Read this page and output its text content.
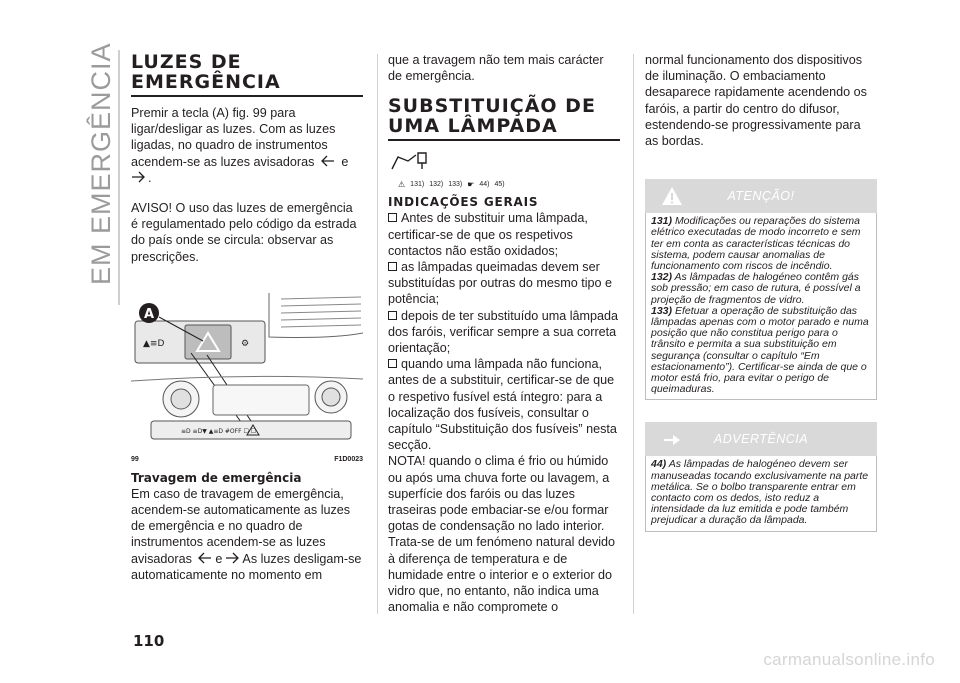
EM EMERGÊNCIA LUZES DE EMERGÊNCIA

Premir a tecla (A) fig. 99 para ligar/desligar as luzes. Com as luzes ligadas, no quadro de instrumentos acendem-se as luzes avisadoras e
.

AVISO! O uso das luzes de emergência é regulamentado pelo código da estrada do país onde se circula: observar as prescrições.

▲≡D	⚙
A
≡D ≡D▼ ▲≡D #OFF ☐ ☐
99	F1D0023
Travagem de emergência

Em caso de travagem de emergência, acendem-se automaticamente as luzes de emergência e no quadro de instrumentos acendem-se as luzes avisadoras e As luzes desligam-se automaticamente no momento em

que a travagem não tem mais carácter de emergência.

SUBSTITUIÇÃO DE UMA LÂMPADA
⚠ 131) 132) 133) ☛ 44) 45)
INDICAÇÕES GERAIS

Antes de substituir uma lâmpada, certificar-se de que os respetivos contactos não estão oxidados;

as lâmpadas queimadas devem ser substituídas por outras do mesmo tipo e potência;

depois de ter substituído uma lâmpada dos faróis, verificar sempre a sua correta orientação;

quando uma lâmpada não funciona, antes de a substituir, certificar-se de que o respetivo fusível está íntegro: para a localização dos fusíveis, consultar o capítulo “Substituição dos fusíveis” nesta secção.

NOTA! quando o clima é frio ou húmido ou após uma chuva forte ou lavagem, a superfície dos faróis ou das luzes traseiras pode embaciar-se e/ou formar gotas de condensação no lado interior. Trata-se de um fenómeno natural devido à diferença de temperatura e de humidade entre o interior e o exterior do vidro que, no entanto, não indica uma anomalia e não compromete o

normal funcionamento dos dispositivos de iluminação. O embaciamento desaparece rapidamente acendendo os faróis, a partir do centro do difusor, estendendo-se progressivamente para as bordas.

ATENÇÃO!

131) Modificações ou reparações do sistema elétrico executadas de modo incorreto e sem ter em conta as características técnicas do sistema, podem causar anomalias de funcionamento com riscos de incêndio.

132) As lâmpadas de halogéneo contêm gás sob pressão; em caso de rutura, é possível a projeção de fragmentos de vidro.

133) Efetuar a operação de substituição das lâmpadas apenas com o motor parado e numa posição que não constitua perigo para o trânsito e permita a sua substituição em segurança (consultar o capítulo “Em estacionamento”). Certificar-se ainda de que o motor está frio, para evitar o perigo de queimaduras.

ADVERTÊNCIA

44) As lâmpadas de halogéneo devem ser manuseadas tocando exclusivamente na parte metálica. Se o bolbo transparente entrar em contacto com os dedos, isto reduz a intensidade da luz emitida e pode também prejudicar a duração da lâmpada.

110
carmanualsonline.info
